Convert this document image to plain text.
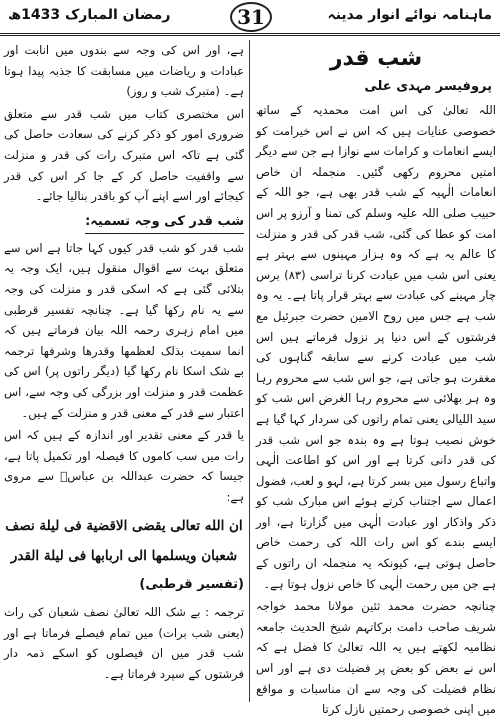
رمضان المبارک 1433ھ	31	ماہنامہ نوائے انوار مدینہ
شب قدر
پروفیسر مہدی علی

اللہ تعالیٰ کی اس امت محمدیہ کے ساتھ خصوصی عنایات ہیں کہ اس نے اس خیرامت کو ایسے انعامات و کرامات سے نوازا ہے جن سے دیگر امتیں محروم رکھی گئیں۔ منجملہ ان خاص انعامات الٰہیہ کے شب قدر بھی ہے، جو اللہ کے حبیب صلی اللہ علیہ وسلم کی تمنا و آرزو پر اس امت کو عطا کی گئی، شب قدر کی قدر و منزلت کا عالم یہ ہے کہ وہ ہزار مہینوں سے بہتر ہے یعنی اس شب میں عبادت کرنا تراسی (۸۳) برس چار مہینے کی عبادت سے بہتر قرار پاتا ہے۔ یہ وہ شب ہے جس میں روح الامین حضرت جبرئیل مع فرشتوں کے اس دنیا پر نزول فرماتے ہیں اس شب میں عبادت کرنے سے سابقہ گناہوں کی مغفرت ہو جاتی ہے، جو اس شب سے محروم رہا وہ ہر بھلائی سے محروم رہا الغرض اس شب کو سید اللیالی یعنی تمام راتوں کی سردار کہا گیا ہے خوش نصیب ہوتا ہے وہ بندہ جو اس شب قدر کی قدر دانی کرتا ہے اور اس کو اطاعت الٰہی واتباع رسول میں بسر کرتا ہے، لہو و لعب، فضول اعمال سے اجتناب کرتے ہوئے اس مبارک شب کو ذکر واذکار اور عبادت الٰہی میں گزارتا ہے، اور ایسے بندے کو اس رات اللہ کی رحمت خاص حاصل ہوتی ہے، کیونکہ یہ منجملہ ان راتوں کے ہے جن میں رحمت الٰہی کا خاص نزول ہوتا ہے۔

چنانچہ حضرت محمد ثئین مولانا محمد خواجہ شریف صاحب دامت برکاتہم شیخ الحدیث جامعہ نظامیہ لکھتے ہیں یہ اللہ تعالیٰ کا فضل ہے کہ اس نے بعض کو بعض پر فضیلت دی ہے اور اس نظام فضیلت کی وجہ سے ان مناسبات و مواقع میں اپنی خصوصی رحمتیں نازل کرتا

ہے، اور اس کی وجہ سے بندوں میں انابت اور عبادات و ریاضات میں مسابقت کا جذبہ پیدا ہوتا ہے۔ (متبرک شب و روز)

اس مختصری کتاب میں شب قدر سے متعلق ضروری امور کو ذکر کرنے کی سعادت حاصل کی گئی ہے تاکہ اس متبرک رات کی قدر و منزلت سے واقفیت حاصل کر کے جا کر اس کی قدر کیجائے اور اسے اپنے آپ کو باقدر بنالیا جائے۔

شب قدر کی وجہ تسمیہ:

شب قدر کو شب قدر کیوں کہا جاتا ہے اس سے متعلق بہت سے اقوال منقول ہیں، ایک وجہ یہ بتلائی گئی ہے کہ اسکی قدر و منزلت کی وجہ سے یہ نام رکھا گیا ہے۔ چنانچہ تفسیر قرطبی میں امام زہری رحمہ اللہ بیان فرماتے ہیں کہ انما سمیت بذلک لعظمھا وقدرھا وشرفھا ترجمہ بے شک اسکا نام رکھا گیا (دیگر راتوں پر) اس کی عظمت قدر و منزلت اور بزرگی کی وجہ سے، اس اعتبار سے قدر کے معنی قدر و منزلت کے ہیں۔

یا قدر کے معنی تقدیر اور اندازہ کے ہیں کہ اس رات میں سب کاموں کا فیصلہ اور تکمیل پاتا ہے، جیسا کہ حضرت عبداللہ بن عباسؓ سے مروی ہے:

ان الله تعالى يقضى الاقضية فى ليلة نصف
شعبان ويسلمها الى اربابها فى ليلة القدر
(تفسیر قرطبی)

ترجمہ : بے شک اللہ تعالیٰ نصف شعبان کی رات (یعنی شب برات) میں تمام فیصلے فرماتا ہے اور شب قدر میں ان فیصلوں کو اسکے ذمہ دار فرشتوں کے سپرد فرماتا ہے۔
